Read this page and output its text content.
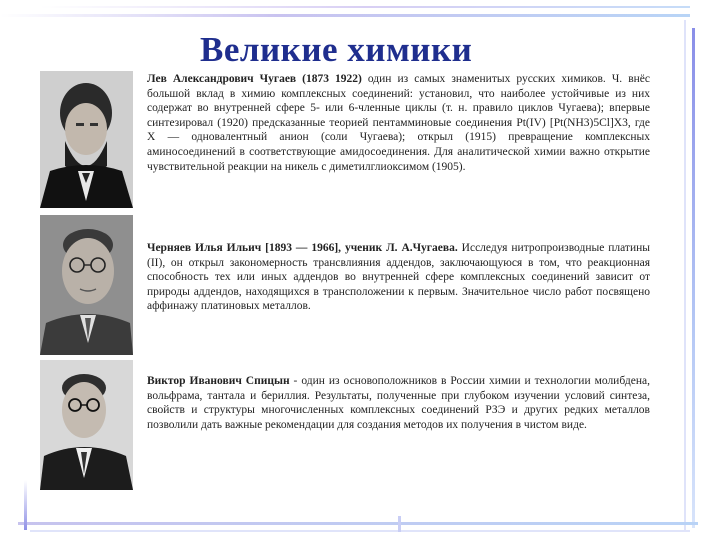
Великие химики
Лев Александрович Чугаев (1873 1922) один из самых знаменитых русских химиков. Ч. внёс большой вклад в химию комплексных соединений: установил, что наиболее устойчивые из них содержат во внутренней сфере 5- или 6-членные циклы (т. н. правило циклов Чугаева); впервые синтезировал (1920) предсказанные теорией пентамминовые соединения Pt(IV) [Pt(NH3)5Cl]X3, где X — одновалентный анион (соли Чугаева); открыл (1915) превращение комплексных аминосоединений в соответствующие амидосоединения. Для аналитической химии важно открытие чувствительной реакции на никель с диметилглиоксимом (1905).
Черняев Илья Ильич [1893 — 1966], ученик Л. А.Чугаева. Исследуя нитропроизводные платины (II), он открыл закономерность трансвлияния аддендов, заключающуюся в том, что реакционная способность тех или иных аддендов во внутренней сфере комплексных соединений зависит от природы аддендов, находящихся в трансположении к первым. Значительное число работ посвящено аффинажу платиновых металлов.
Виктор Иванович Спицын - один из основоположников в России химии и технологии молибдена, вольфрама, тантала и бериллия. Результаты, полученные при глубоком изучении условий синтеза, свойств и структуры многочисленных комплексных соединений РЗЭ и других редких металлов позволили дать важные рекомендации для создания методов их получения в чистом виде.
